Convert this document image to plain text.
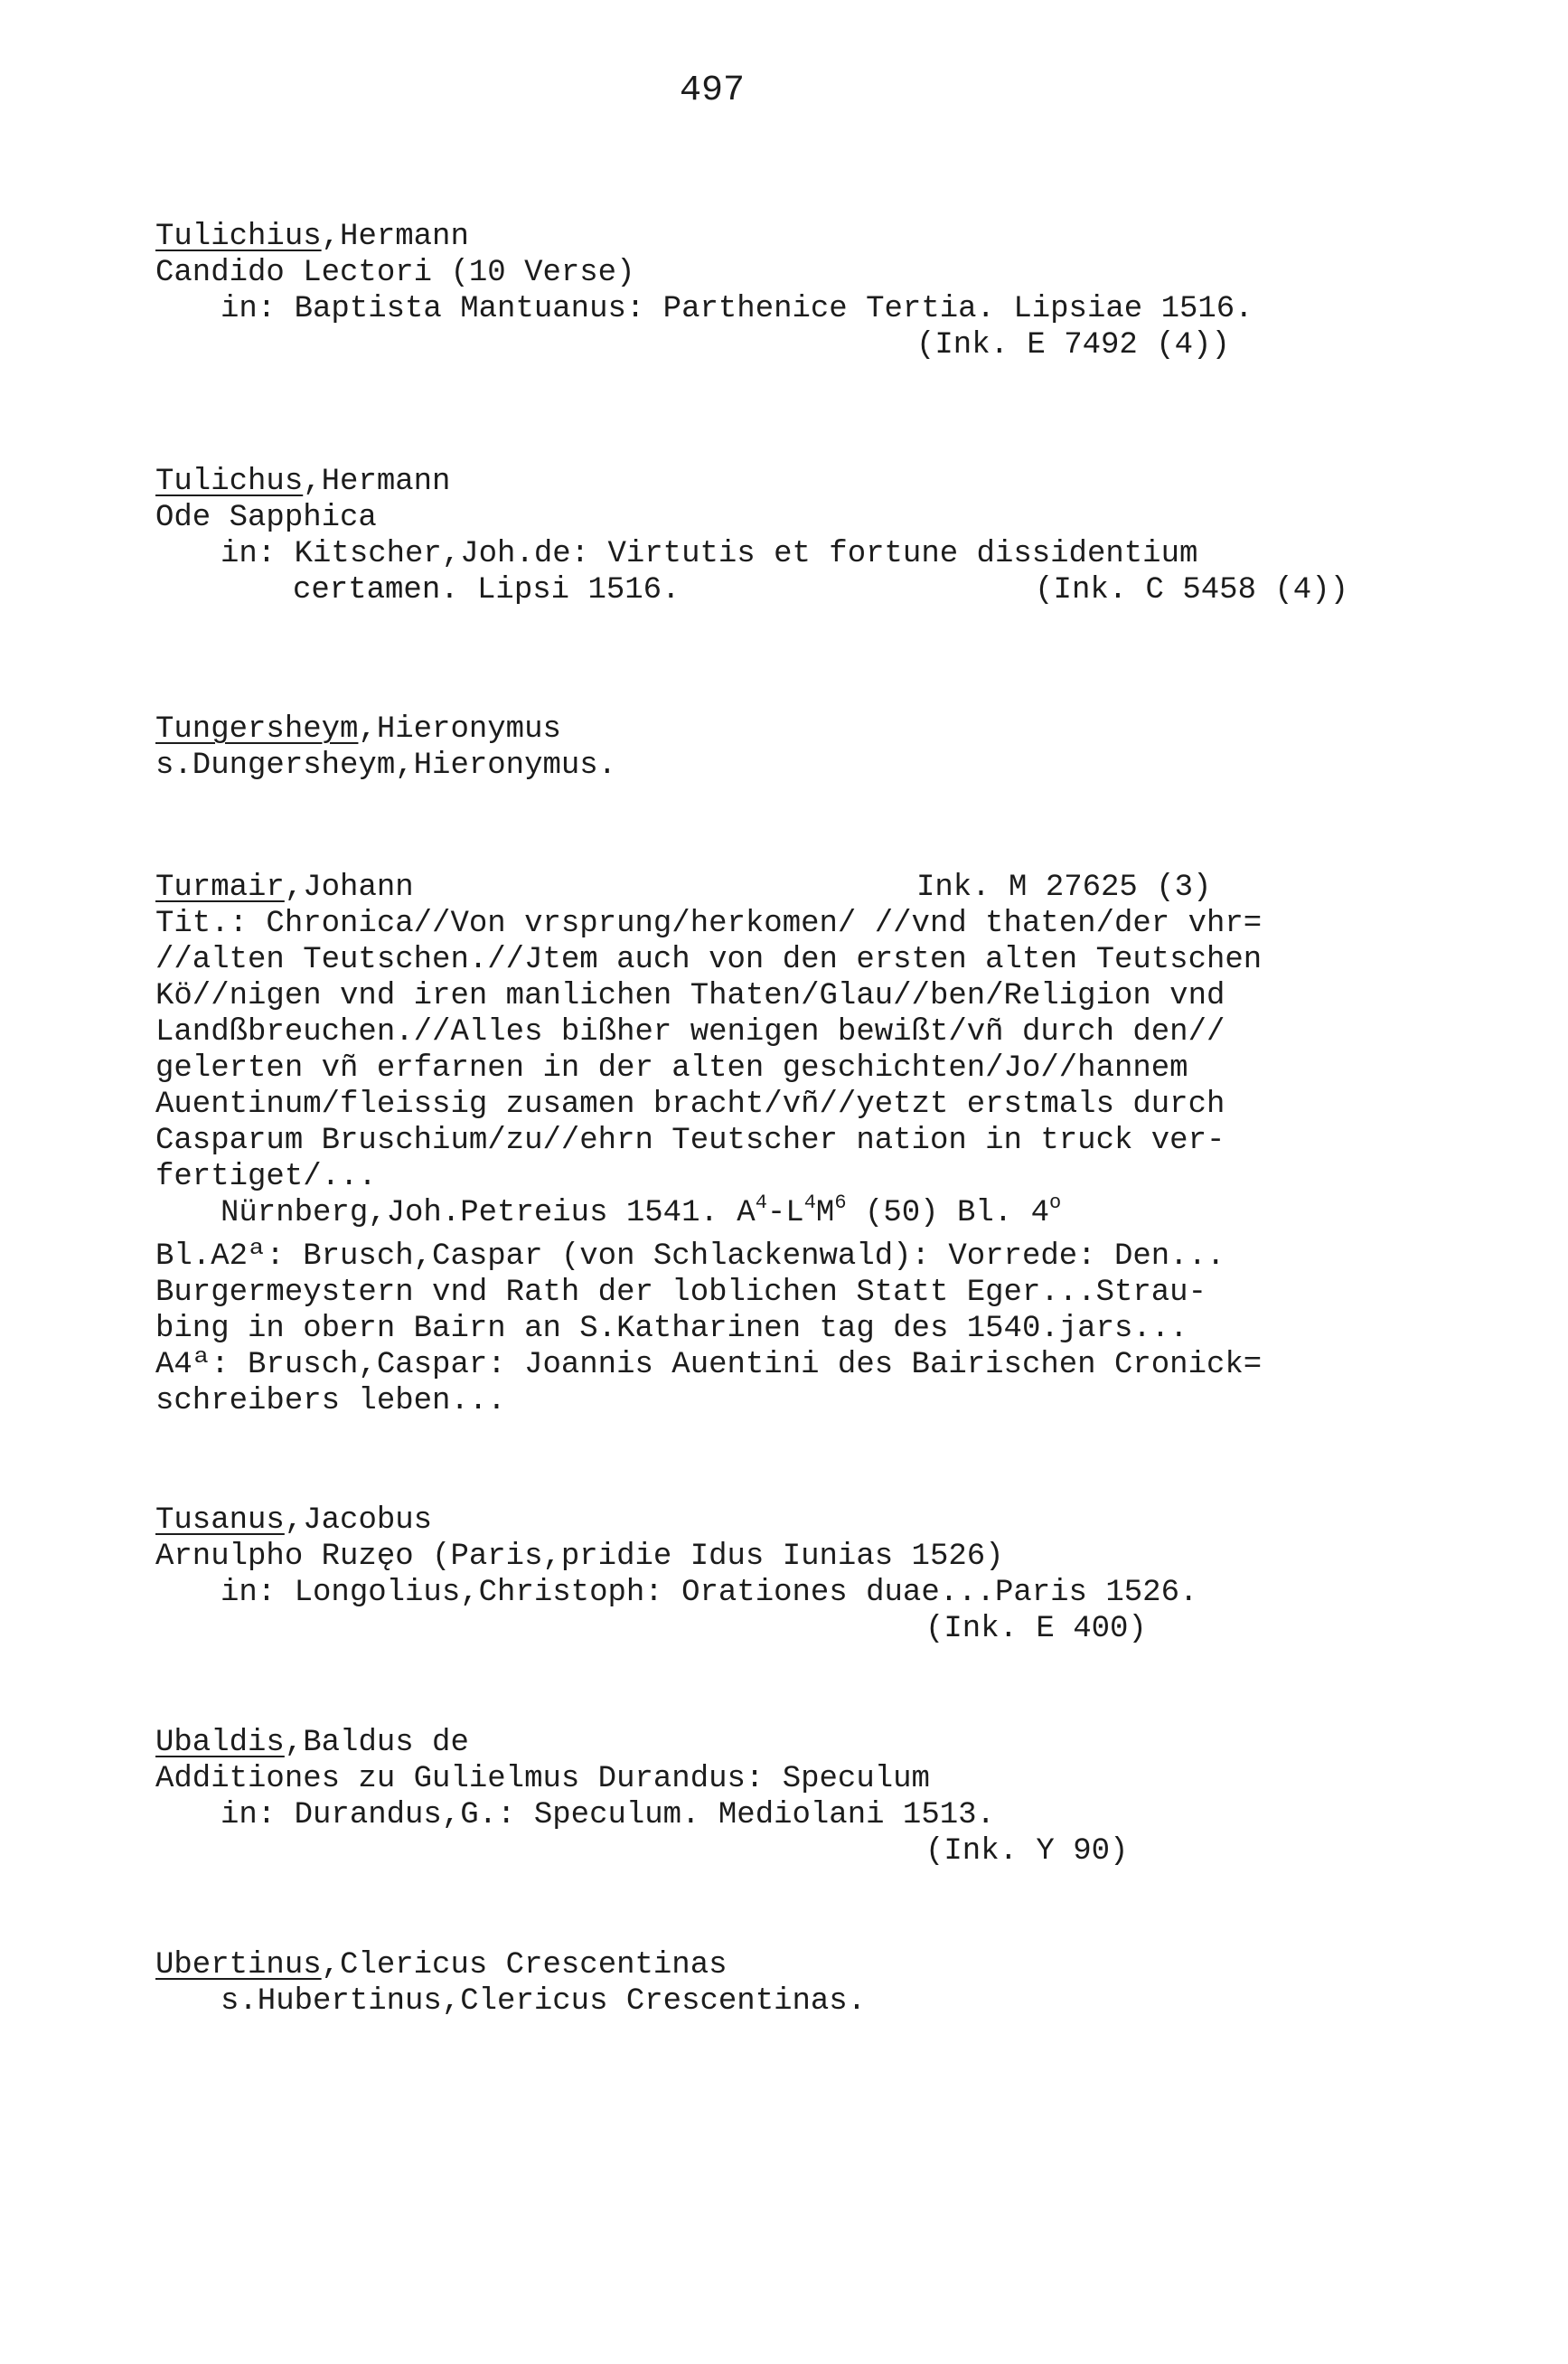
497
Tulichius,Hermann
Candido Lectori (10 Verse)
in: Baptista Mantuanus: Parthenice Tertia. Lipsiae 1516.
(Ink. E 7492 (4))
Tulichus,Hermann
Ode Sapphica
in: Kitscher,Joh.de: Virtutis et fortune dissidentium
certamen. Lipsi 1516.	(Ink. C 5458 (4))
Tungersheym,Hieronymus
s.Dungersheym,Hieronymus.
Turmair,Johann	Ink. M 27625 (3)
Tit.: Chronica//Von vrsprung/herkomen/ //vnd thaten/der vhr=
//alten Teutschen.//Jtem auch von den ersten alten Teutschen
Kö//nigen vnd iren manlichen Thaten/Glau//ben/Religion vnd
Landßbreuchen.//Alles bißher wenigen bewißt/vñ durch den//
gelerten vñ erfarnen in der alten geschichten/Jo//hannem
Auentinum/fleissig zusamen bracht/vñ//yetzt erstmals durch
Casparum Bruschium/zu//ehrn Teutscher nation in truck ver-
fertiget/...
Nürnberg,Joh.Petreius 1541. $A^4-L^4M^6$ (50) Bl. 4$^o$
Bl.A2ª: Brusch,Caspar (von Schlackenwald): Vorrede: Den...
Burgermeystern vnd Rath der loblichen Statt Eger...Strau-
bing in obern Bairn an S.Katharinen tag des 1540.jars...
A4ª: Brusch,Caspar: Joannis Auentini des Bairischen Cronick=
schreibers leben...
Tusanus,Jacobus
Arnulpho Ruzęo (Paris,pridie Idus Iunias 1526)
in: Longolius,Christoph: Orationes duae...Paris 1526.
(Ink. E 400)
Ubaldis,Baldus de
Additiones zu Gulielmus Durandus: Speculum
in: Durandus,G.: Speculum. Mediolani 1513.
(Ink. Y 90)
Ubertinus,Clericus Crescentinas
s.Hubertinus,Clericus Crescentinas.
